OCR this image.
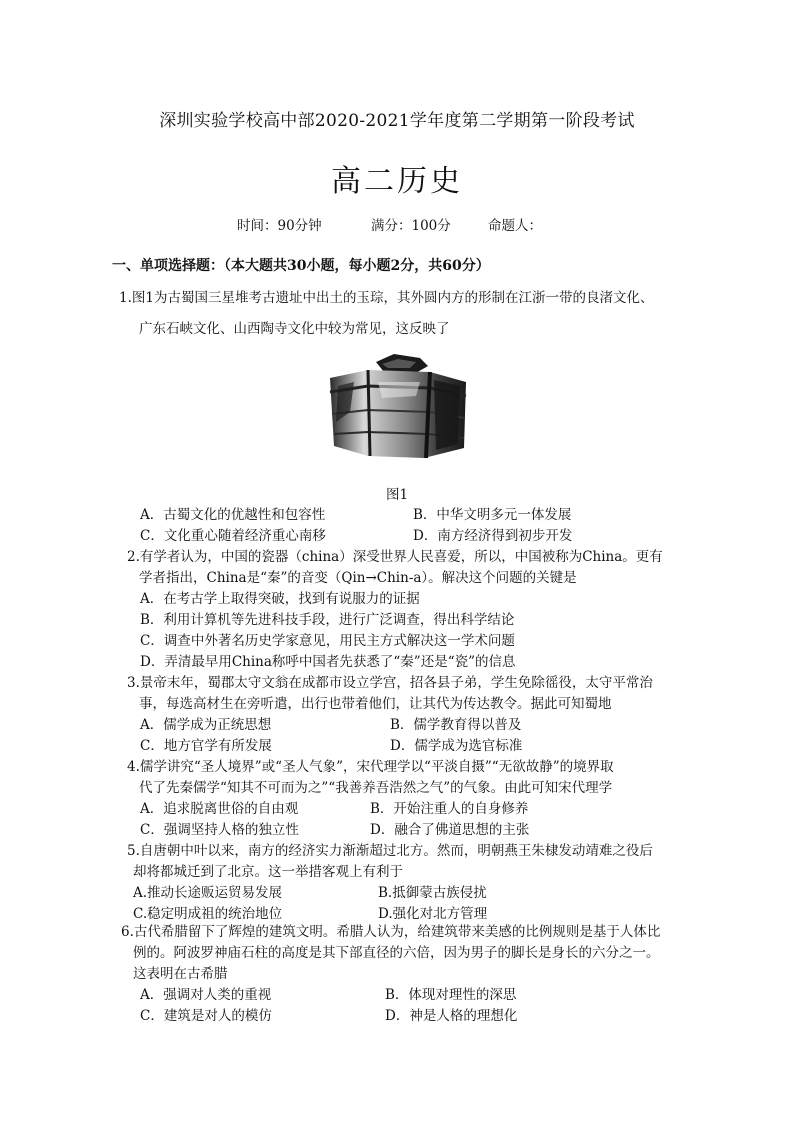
深圳实验学校高中部2020-2021学年度第二学期第一阶段考试
高二历史
时间：90分钟	满分：100分	命题人：
一、单项选择题：（本大题共30小题，每小题2分，共60分）
1.图1为古蜀国三星堆考古遗址中出土的玉琮，其外圆内方的形制在江浙一带的良渚文化、
广东石峡文化、山西陶寺文化中较为常见，这反映了
图1
A．古蜀文化的优越性和包容性	B．中华文明多元一体发展
C．文化重心随着经济重心南移	D．南方经济得到初步开发
2.有学者认为，中国的瓷器（china）深受世界人民喜爱，所以，中国被称为China。更有
学者指出，China是“秦”的音变（Qin→Chin-a）。解决这个问题的关键是
A．在考古学上取得突破，找到有说服力的证据
B．利用计算机等先进科技手段，进行广泛调查，得出科学结论
C．调查中外著名历史学家意见，用民主方式解决这一学术问题
D．弄清最早用China称呼中国者先获悉了“秦”还是“瓷”的信息
3.景帝末年，蜀郡太守文翁在成都市设立学宫，招各县子弟，学生免除徭役，太守平常治
事，每选高材生在旁听遣，出行也带着他们，让其代为传达教令。据此可知蜀地
A．儒学成为正统思想	B．儒学教育得以普及
C．地方官学有所发展	D．儒学成为选官标准
4.儒学讲究“圣人境界”或“圣人气象”，宋代理学以“平淡自摄”“无欲故静”的境界取
代了先秦儒学“知其不可而为之”“我善养吾浩然之气”的气象。由此可知宋代理学
A．追求脱离世俗的自由观	B．开始注重人的自身修养
C．强调坚持人格的独立性	D．融合了佛道思想的主张
5.自唐朝中叶以来，南方的经济实力渐渐超过北方。然而，明朝燕王朱棣发动靖难之役后
却将都城迁到了北京。这一举措客观上有利于
A.推动长途贩运贸易发展	B.抵御蒙古族侵扰
C.稳定明成祖的统治地位	D.强化对北方管理
6.古代希腊留下了辉煌的建筑文明。希腊人认为，给建筑带来美感的比例规则是基于人体比
例的。阿波罗神庙石柱的高度是其下部直径的六倍，因为男子的脚长是身长的六分之一。
这表明在古希腊
A．强调对人类的重视	B．体现对理性的深思
C．建筑是对人的模仿	D．神是人格的理想化
